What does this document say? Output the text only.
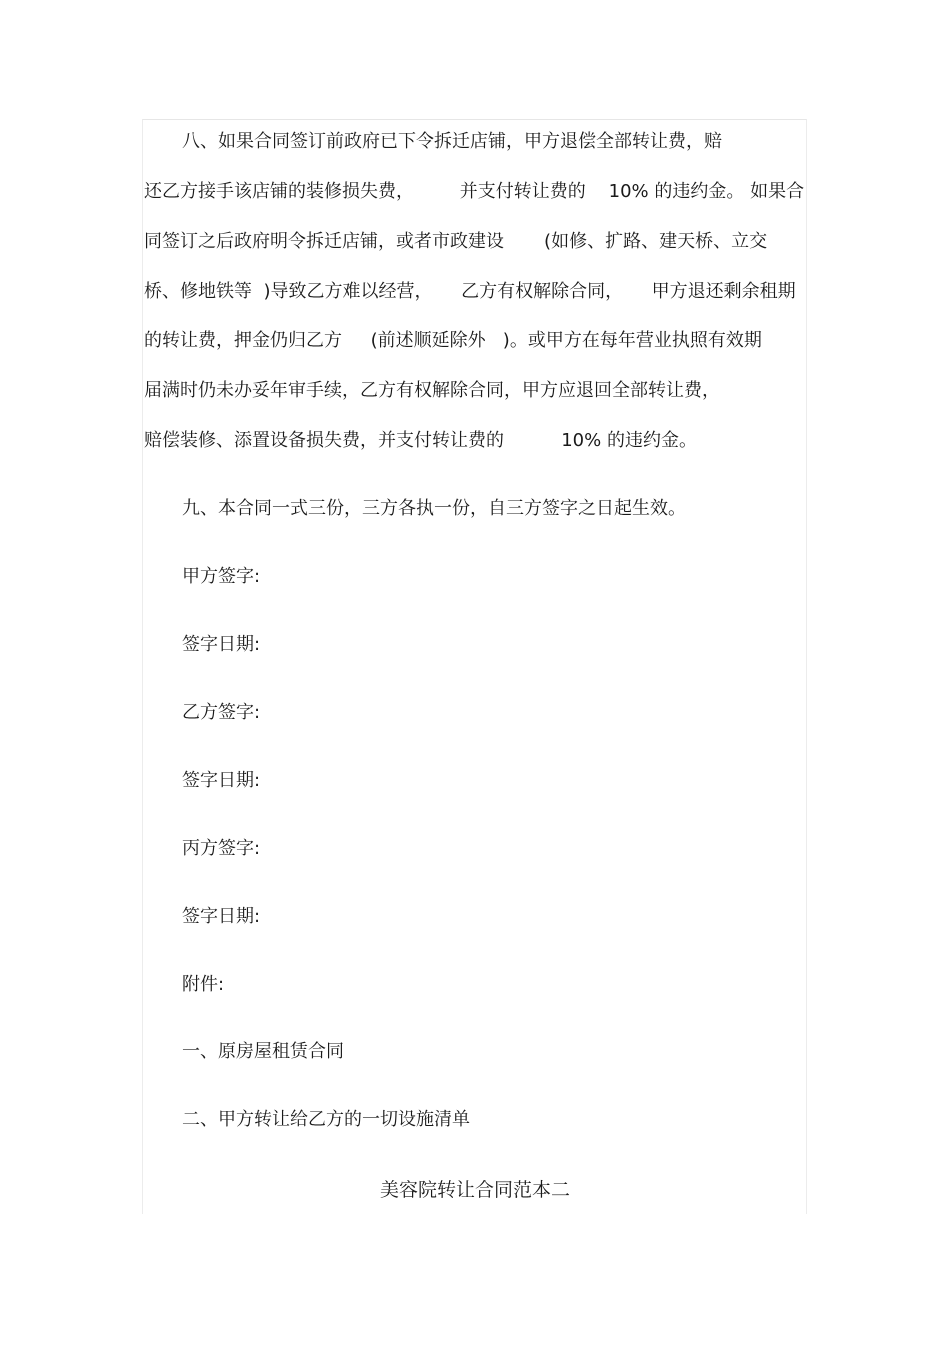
八、如果合同签订前政府已下令拆迁店铺，甲方退偿全部转让费，赔
还乙方接手该店铺的装修损失费，        并支付转让费的    10% 的违约金。 如果合
同签订之后政府明令拆迁店铺，或者市政建设       (如修、扩路、建天桥、立交
桥、修地铁等  )导致乙方难以经营，     乙方有权解除合同，     甲方退还剩余租期
的转让费，押金仍归乙方     (前述顺延除外   )。或甲方在每年营业执照有效期
届满时仍未办妥年审手续，乙方有权解除合同，甲方应退回全部转让费，
赔偿装修、添置设备损失费，并支付转让费的          10% 的违约金。
九、本合同一式三份，三方各执一份，自三方签字之日起生效。
甲方签字:
签字日期:
乙方签字:
签字日期:
丙方签字:
签字日期:
附件:
一、原房屋租赁合同
二、甲方转让给乙方的一切设施清单
美容院转让合同范本二
